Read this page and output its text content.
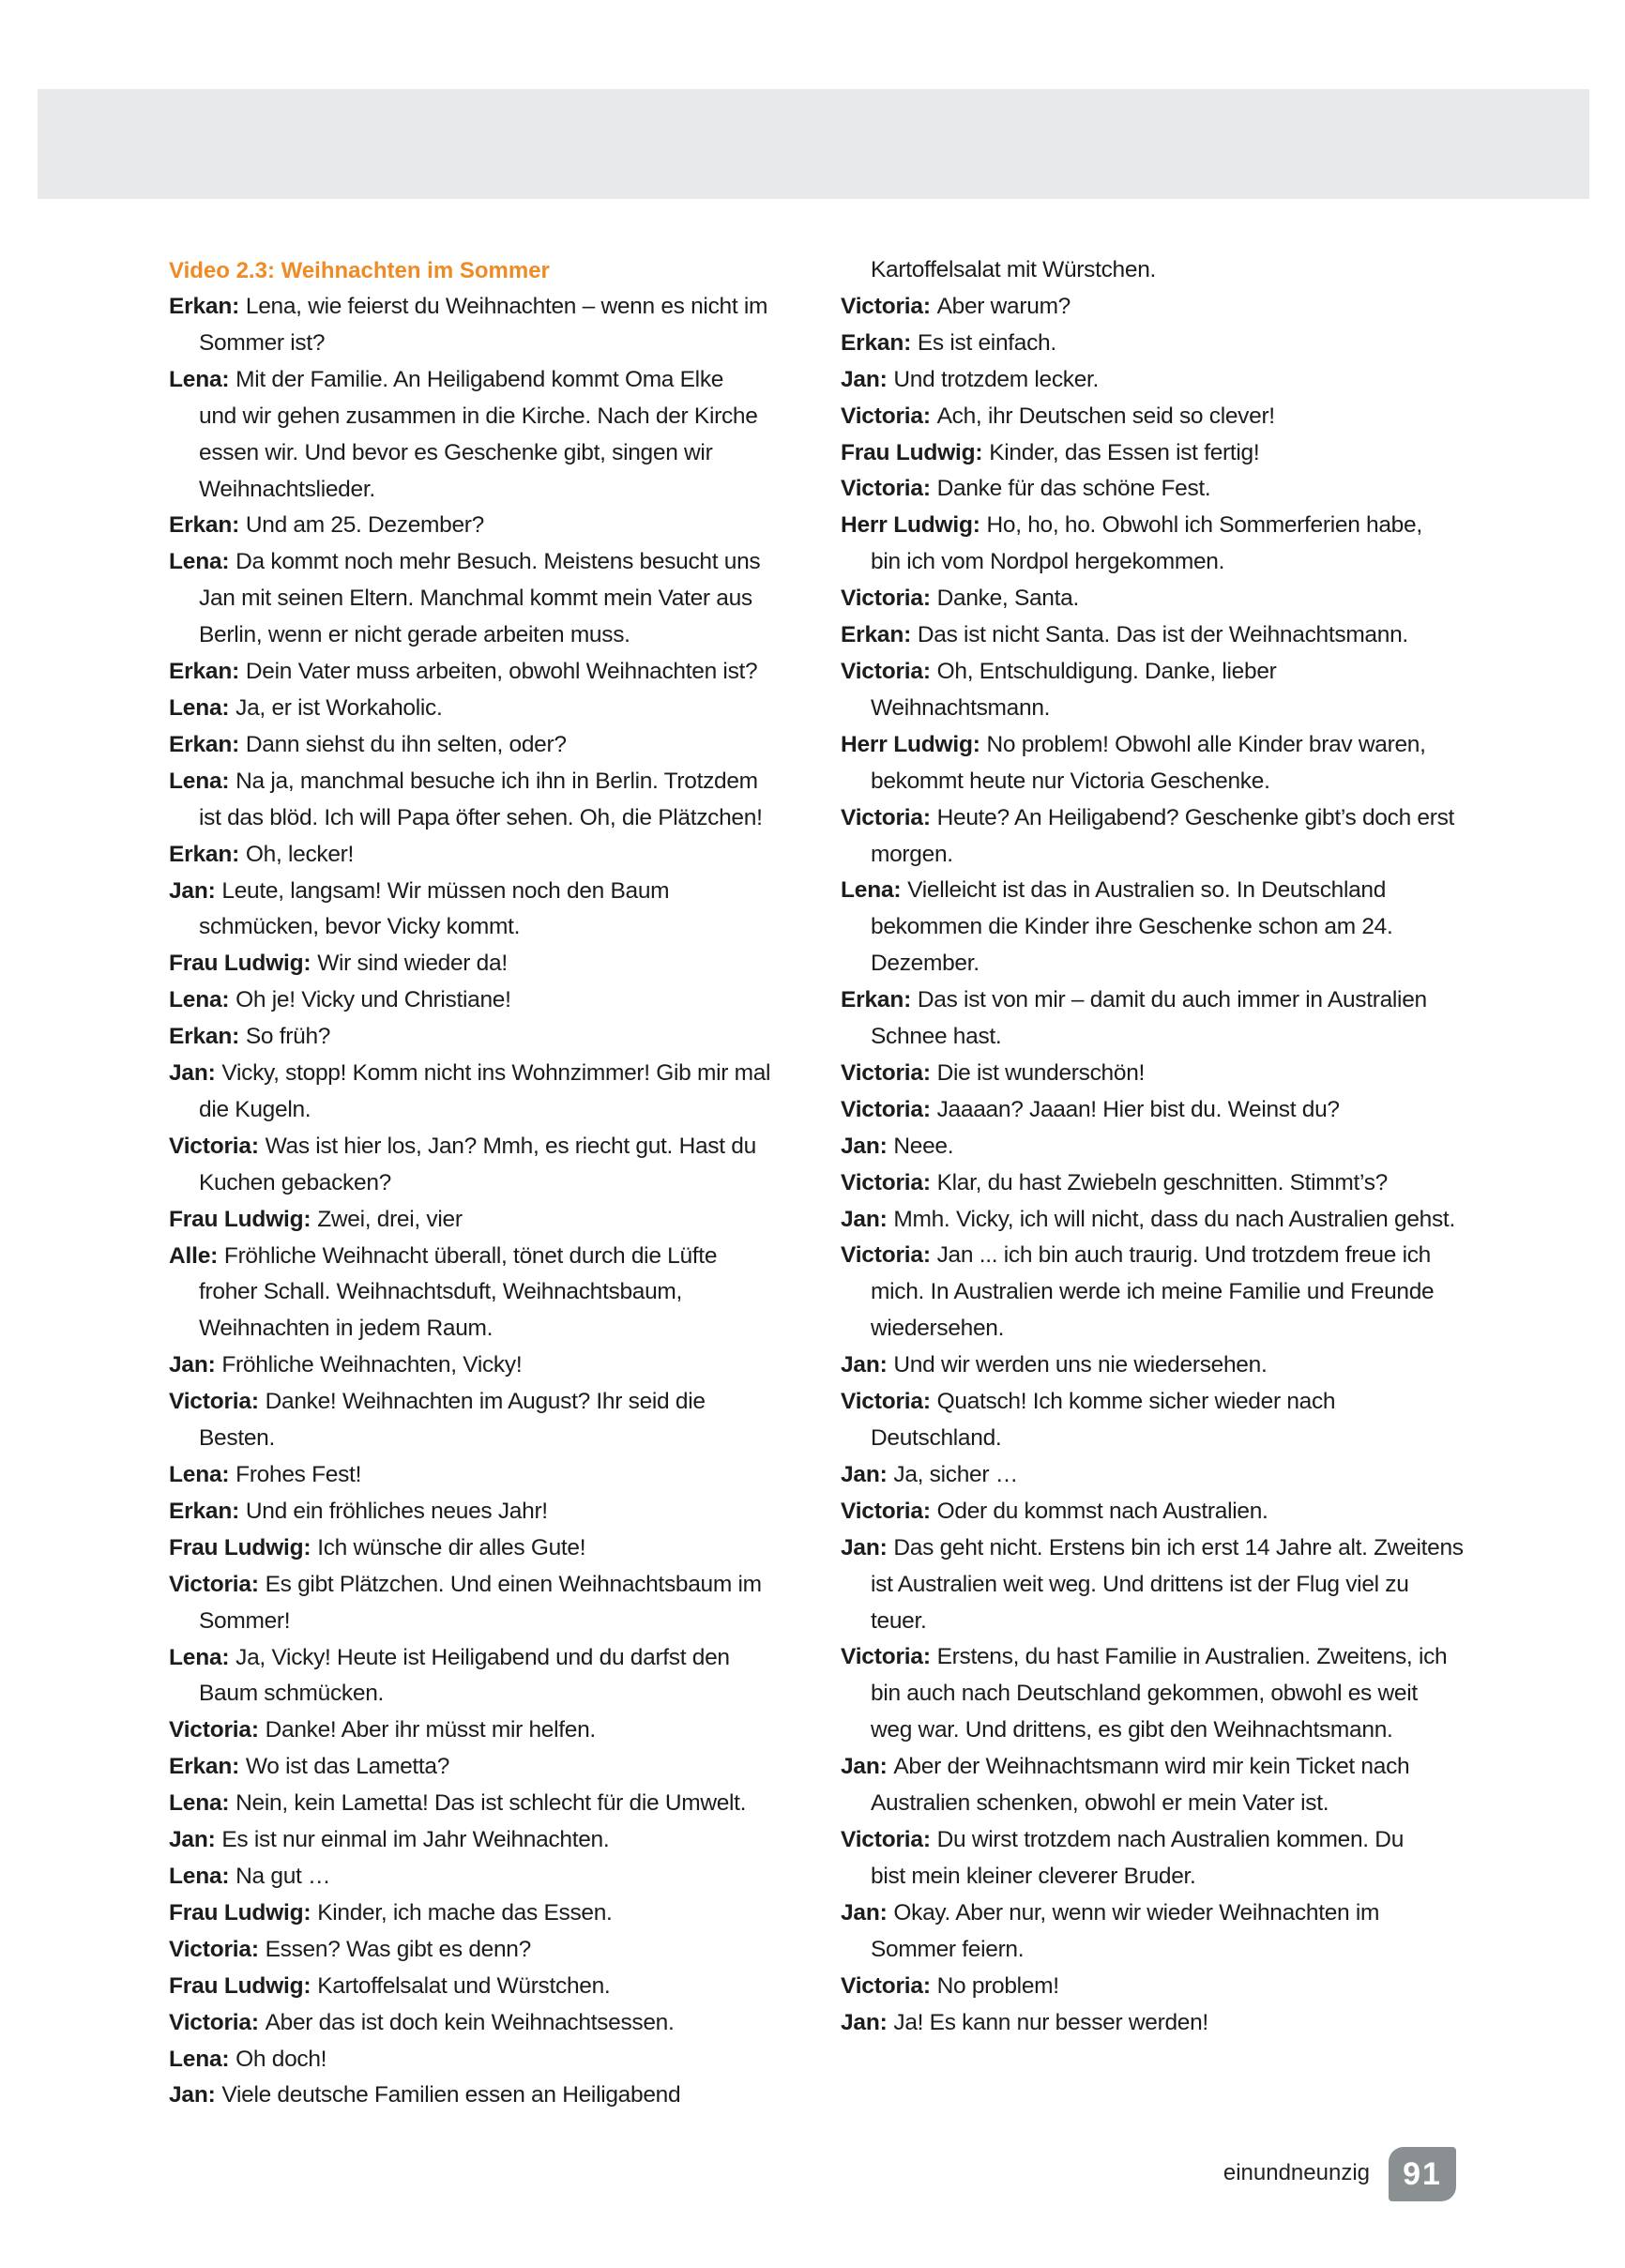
Video 2.3: Weihnachten im Sommer
Erkan: Lena, wie feierst du Weihnachten – wenn es nicht im
Sommer ist?
Lena: Mit der Familie. An Heiligabend kommt Oma Elke
und wir gehen zusammen in die Kirche. Nach der Kirche
essen wir. Und bevor es Geschenke gibt, singen wir
Weihnachtslieder.
Erkan: Und am 25. Dezember?
Lena: Da kommt noch mehr Besuch. Meistens besucht uns
Jan mit seinen Eltern. Manchmal kommt mein Vater aus
Berlin, wenn er nicht gerade arbeiten muss.
Erkan: Dein Vater muss arbeiten, obwohl Weihnachten ist?
Lena: Ja, er ist Workaholic.
Erkan: Dann siehst du ihn selten, oder?
Lena: Na ja, manchmal besuche ich ihn in Berlin. Trotzdem
ist das blöd. Ich will Papa öfter sehen. Oh, die Plätzchen!
Erkan: Oh, lecker!
Jan: Leute, langsam! Wir müssen noch den Baum
schmücken, bevor Vicky kommt.
Frau Ludwig: Wir sind wieder da!
Lena: Oh je! Vicky und Christiane!
Erkan: So früh?
Jan: Vicky, stopp! Komm nicht ins Wohnzimmer! Gib mir mal
die Kugeln.
Victoria: Was ist hier los, Jan? Mmh, es riecht gut. Hast du
Kuchen gebacken?
Frau Ludwig: Zwei, drei, vier
Alle: Fröhliche Weihnacht überall, tönet durch die Lüfte
froher Schall. Weihnachtsduft, Weihnachtsbaum,
Weihnachten in jedem Raum.
Jan: Fröhliche Weihnachten, Vicky!
Victoria: Danke! Weihnachten im August? Ihr seid die
Besten.
Lena: Frohes Fest!
Erkan: Und ein fröhliches neues Jahr!
Frau Ludwig: Ich wünsche dir alles Gute!
Victoria: Es gibt Plätzchen. Und einen Weihnachtsbaum im
Sommer!
Lena: Ja, Vicky! Heute ist Heiligabend und du darfst den
Baum schmücken.
Victoria: Danke! Aber ihr müsst mir helfen.
Erkan: Wo ist das Lametta?
Lena: Nein, kein Lametta! Das ist schlecht für die Umwelt.
Jan: Es ist nur einmal im Jahr Weihnachten.
Lena: Na gut …
Frau Ludwig: Kinder, ich mache das Essen.
Victoria: Essen? Was gibt es denn?
Frau Ludwig: Kartoffelsalat und Würstchen.
Victoria: Aber das ist doch kein Weihnachtsessen.
Lena: Oh doch!
Jan: Viele deutsche Familien essen an Heiligabend
Kartoffelsalat mit Würstchen.
Victoria: Aber warum?
Erkan: Es ist einfach.
Jan: Und trotzdem lecker.
Victoria: Ach, ihr Deutschen seid so clever!
Frau Ludwig: Kinder, das Essen ist fertig!
Victoria: Danke für das schöne Fest.
Herr Ludwig: Ho, ho, ho. Obwohl ich Sommerferien habe,
bin ich vom Nordpol hergekommen.
Victoria: Danke, Santa.
Erkan: Das ist nicht Santa. Das ist der Weihnachtsmann.
Victoria: Oh, Entschuldigung. Danke, lieber
Weihnachtsmann.
Herr Ludwig: No problem! Obwohl alle Kinder brav waren,
bekommt heute nur Victoria Geschenke.
Victoria: Heute? An Heiligabend? Geschenke gibt’s doch erst
morgen.
Lena: Vielleicht ist das in Australien so. In Deutschland
bekommen die Kinder ihre Geschenke schon am 24.
Dezember.
Erkan: Das ist von mir – damit du auch immer in Australien
Schnee hast.
Victoria: Die ist wunderschön!
Victoria: Jaaaan? Jaaan! Hier bist du. Weinst du?
Jan: Neee.
Victoria: Klar, du hast Zwiebeln geschnitten. Stimmt’s?
Jan: Mmh. Vicky, ich will nicht, dass du nach Australien gehst.
Victoria: Jan ... ich bin auch traurig. Und trotzdem freue ich
mich. In Australien werde ich meine Familie und Freunde
wiedersehen.
Jan: Und wir werden uns nie wiedersehen.
Victoria: Quatsch! Ich komme sicher wieder nach
Deutschland.
Jan: Ja, sicher …
Victoria: Oder du kommst nach Australien.
Jan: Das geht nicht. Erstens bin ich erst 14 Jahre alt. Zweitens
ist Australien weit weg. Und drittens ist der Flug viel zu
teuer.
Victoria: Erstens, du hast Familie in Australien. Zweitens, ich
bin auch nach Deutschland gekommen, obwohl es weit
weg war. Und drittens, es gibt den Weihnachtsmann.
Jan: Aber der Weihnachtsmann wird mir kein Ticket nach
Australien schenken, obwohl er mein Vater ist.
Victoria: Du wirst trotzdem nach Australien kommen. Du
bist mein kleiner cleverer Bruder.
Jan: Okay. Aber nur, wenn wir wieder Weihnachten im
Sommer feiern.
Victoria: No problem!
Jan: Ja! Es kann nur besser werden!
einundneunzig	91
